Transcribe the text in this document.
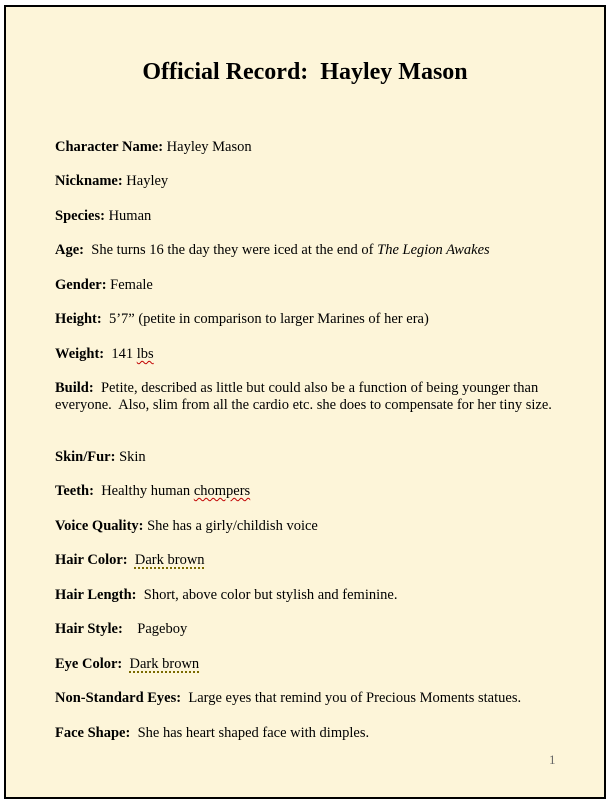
Official Record:  Hayley Mason
Character Name: Hayley Mason
Nickname: Hayley
Species: Human
Age:  She turns 16 the day they were iced at the end of The Legion Awakes
Gender: Female
Height:  5’7” (petite in comparison to larger Marines of her era)
Weight:  141 lbs
Build:  Petite, described as little but could also be a function of being younger than everyone.  Also, slim from all the cardio etc. she does to compensate for her tiny size.
Skin/Fur: Skin
Teeth:  Healthy human chompers
Voice Quality: She has a girly/childish voice
Hair Color: Dark brown
Hair Length:  Short, above color but stylish and feminine.
Hair Style:    Pageboy
Eye Color: Dark brown
Non-Standard Eyes:  Large eyes that remind you of Precious Moments statues.
Face Shape:  She has heart shaped face with dimples.
1
